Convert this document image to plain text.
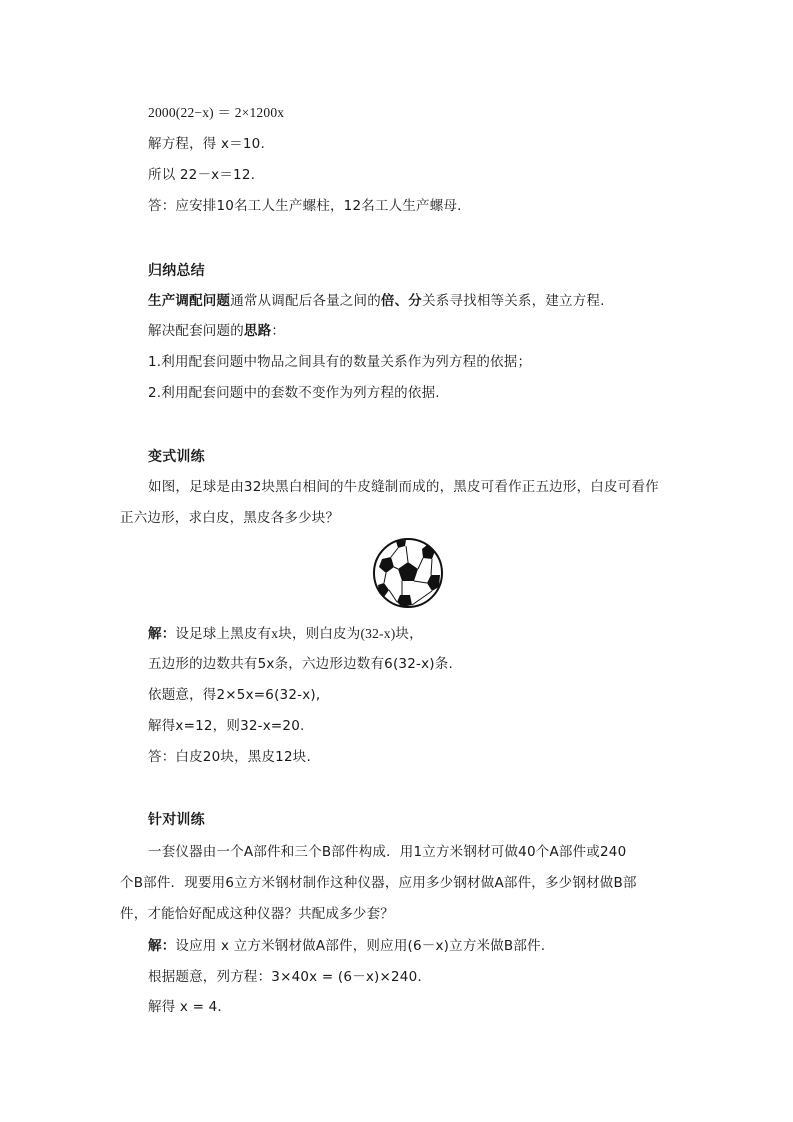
2000(22−x) ＝ 2×1200x
解方程，得 x＝10.
所以 22－x＝12.
答：应安排10名工人生产螺柱，12名工人生产螺母.
归纳总结
生产调配问题通常从调配后各量之间的倍、分关系寻找相等关系，建立方程.
解决配套问题的思路：
1.利用配套问题中物品之间具有的数量关系作为列方程的依据；
2.利用配套问题中的套数不变作为列方程的依据.
变式训练
如图，足球是由32块黑白相间的牛皮缝制而成的，黑皮可看作正五边形，白皮可看作
正六边形，求白皮，黑皮各多少块？
解：设足球上黑皮有x块，则白皮为(32-x)块，
五边形的边数共有5x条，六边形边数有6(32-x)条.
依题意，得2×5x=6(32-x),
解得x=12，则32-x=20.
答：白皮20块，黑皮12块.
针对训练
一套仪器由一个A部件和三个B部件构成．用1立方米钢材可做40个A部件或240
个B部件．现要用6立方米钢材制作这种仪器，应用多少钢材做A部件，多少钢材做B部
件，才能恰好配成这种仪器？共配成多少套？
解：设应用 x 立方米钢材做A部件，则应用(6－x)立方米做B部件.
根据题意，列方程：3×40x = (6－x)×240.
解得 x = 4.
